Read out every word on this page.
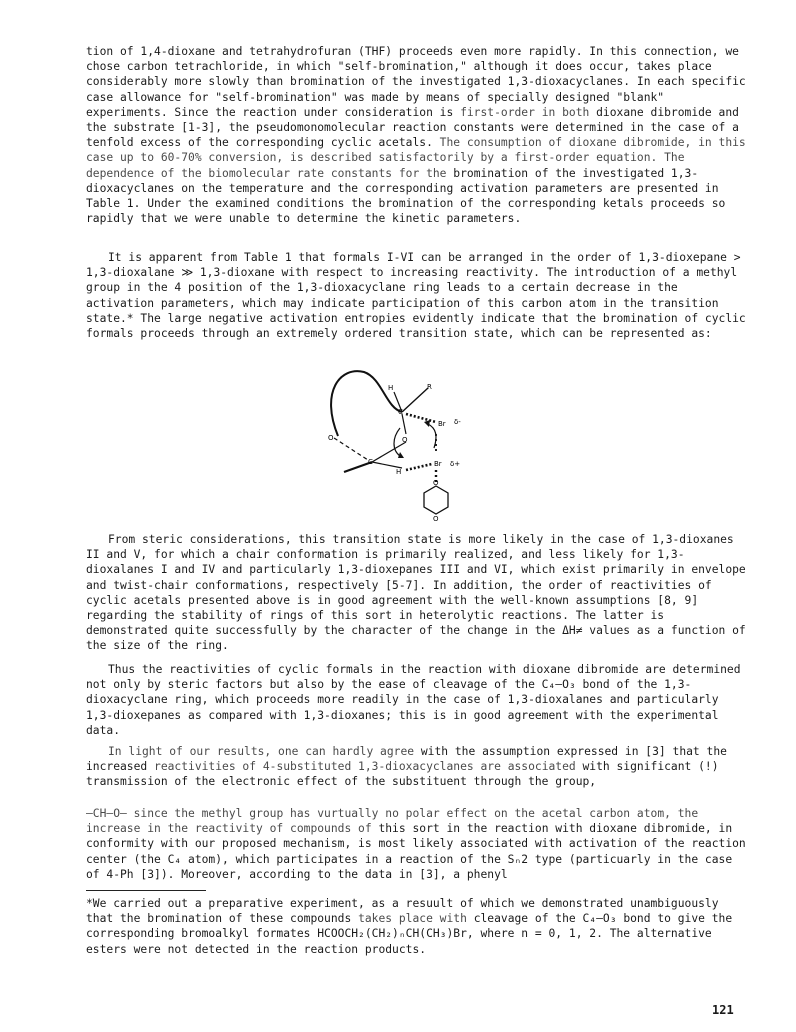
tion of 1,4-dioxane and tetrahydrofuran (THF) proceeds even more rapidly. In this connection, we chose carbon tetrachloride, in which "self-bromination," although it does occur, takes place considerably more slowly than bromination of the investigated 1,3-dioxacyclanes. In each specific case allowance for "self-bromination" was made by means of specially designed "blank" experiments. Since the reaction under consideration is first-order in both dioxane dibromide and the substrate [1-3], the pseudomonomolecular reaction constants were determined in the case of a tenfold excess of the corresponding cyclic acetals. The consumption of dioxane dibromide, in this case up to 60-70% conversion, is described satisfactorily by a first-order equation. The dependence of the biomolecular rate constants for the bromination of the investigated 1,3-dioxacyclanes on the temperature and the corresponding activation parameters are presented in Table 1. Under the examined conditions the bromination of the corresponding ketals proceeds so rapidly that we were unable to determine the kinetic parameters.

It is apparent from Table 1 that formals I-VI can be arranged in the order of 1,3-dioxepane > 1,3-dioxalane ≫ 1,3-dioxane with respect to increasing reactivity. The introduction of a methyl group in the 4 position of the 1,3-dioxacyclane ring leads to a certain decrease in the activation parameters, which may indicate participation of this carbon atom in the transition state.* The large negative activation entropies evidently indicate that the bromination of cyclic formals proceeds through an extremely ordered transition state, which can be represented as:

H	R
C
Br δ-
O
O
C
H
Br δ+
O
O

From steric considerations, this transition state is more likely in the case of 1,3-dioxanes II and V, for which a chair conformation is primarily realized, and less likely for 1,3-dioxalanes I and IV and particularly 1,3-dioxepanes III and VI, which exist primarily in envelope and twist-chair conformations, respectively [5-7]. In addition, the order of reactivities of cyclic acetals presented above is in good agreement with the well-known assumptions [8, 9] regarding the stability of rings of this sort in heterolytic reactions. The latter is demonstrated quite successfully by the character of the change in the ΔH≠ values as a function of the size of the ring.

Thus the reactivities of cyclic formals in the reaction with dioxane dibromide are determined not only by steric factors but also by the ease of cleavage of the C₄–O₃ bond of the 1,3-dioxacyclane ring, which proceeds more readily in the case of 1,3-dioxalanes and particularly 1,3-dioxepanes as compared with 1,3-dioxanes; this is in good agreement with the experimental data.

In light of our results, one can hardly agree with the assumption expressed in [3] that the increased reactivities of 4-substituted 1,3-dioxacyclanes are associated with significant (!) transmission of the electronic effect of the substituent through the group,

–CH–O– since the methyl group has vurtually no polar effect on the acetal carbon atom, the increase in the reactivity of compounds of this sort in the reaction with dioxane dibromide, in conformity with our proposed mechanism, is most likely associated with activation of the reaction center (the C₄ atom), which participates in a reaction of the Sₙ2 type (particuarly in the case of 4-Ph [3]). Moreover, according to the data in [3], a phenyl

*We carried out a preparative experiment, as a resuult of which we demonstrated unambiguously that the bromination of these compounds takes place with cleavage of the C₄–O₃ bond to give the corresponding bromoalkyl formates HCOOCH₂(CH₂)ₙCH(CH₃)Br, where n = 0, 1, 2. The alternative esters were not detected in the reaction products.

121
